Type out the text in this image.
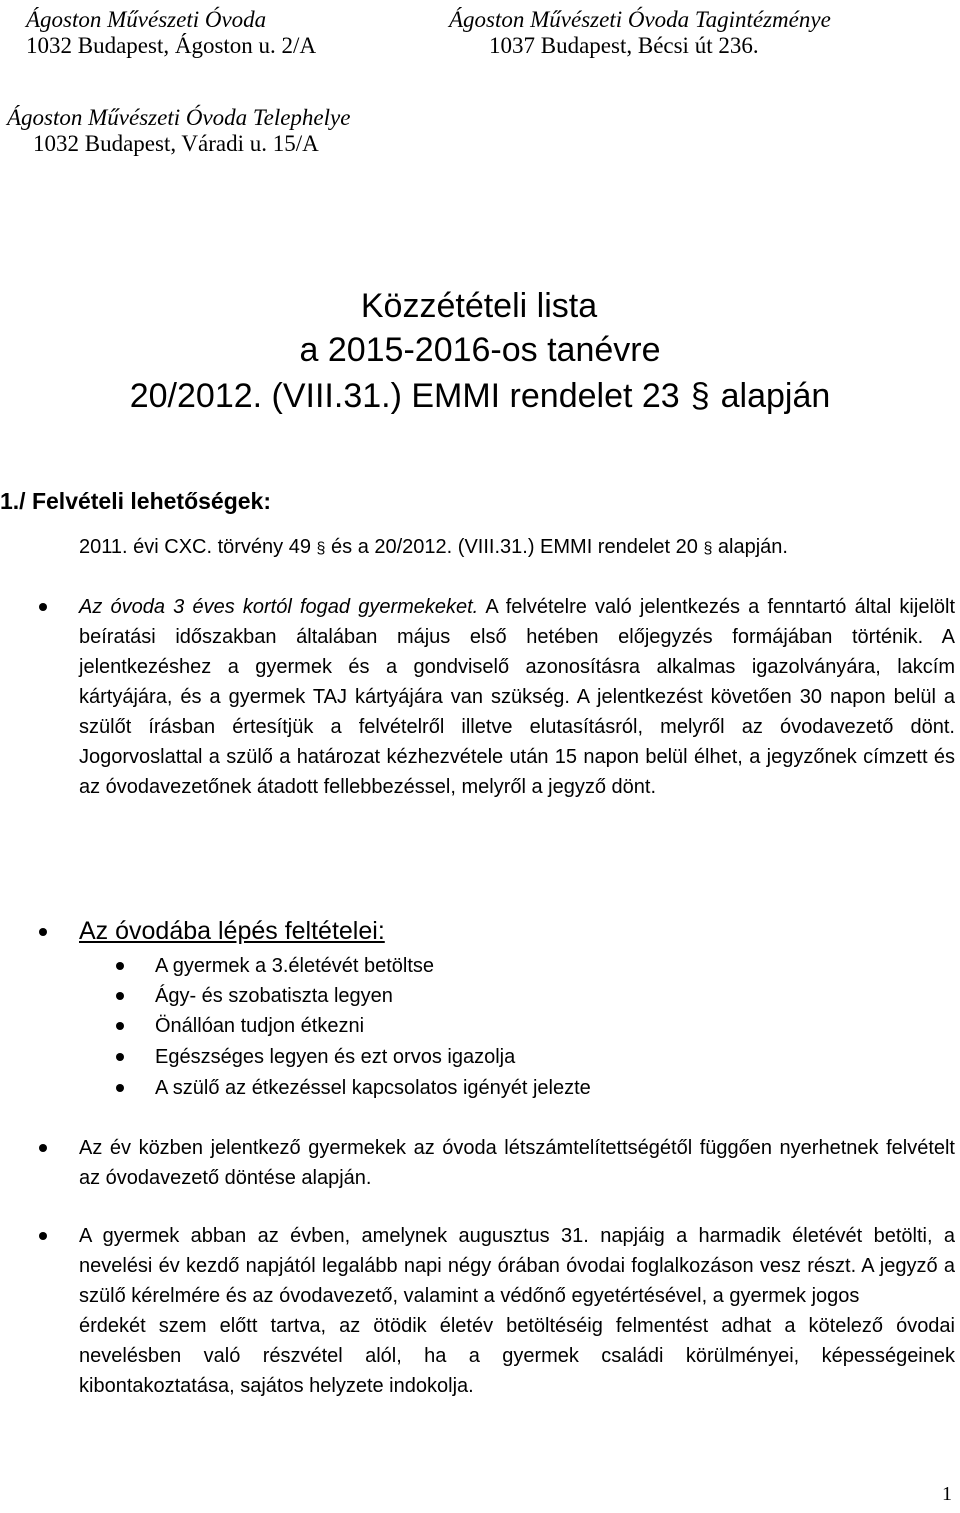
Ágoston Művészeti Óvoda
1032 Budapest, Ágoston u. 2/A
Ágoston Művészeti Óvoda Tagintézménye
1037 Budapest, Bécsi út 236.
Ágoston Művészeti Óvoda Telephelye
1032 Budapest, Váradi u. 15/A
Közzétételi lista
a 2015-2016-os tanévre
20/2012. (VIII.31.) EMMI rendelet 23 § alapján
1./ Felvételi lehetőségek:
2011. évi CXC. törvény 49 § és a 20/2012. (VIII.31.) EMMI rendelet 20 § alapján.
Az óvoda 3 éves kortól fogad gyermekeket. A felvételre való jelentkezés a fenntartó által kijelölt beíratási időszakban általában május első hetében előjegyzés formájában történik. A jelentkezéshez a gyermek és a gondviselő azonosításra alkalmas igazolványára, lakcím kártyájára, és a gyermek TAJ kártyájára van szükség. A jelentkezést követően 30 napon belül a szülőt írásban értesítjük a felvételről illetve elutasításról, melyről az óvodavezető dönt. Jogorvoslattal a szülő a határozat kézhezvétele után 15 napon belül élhet, a jegyzőnek címzett és az óvodavezetőnek átadott fellebbezéssel, melyről a jegyző dönt.
Az óvodába lépés feltételei:
A gyermek a 3.életévét betöltse
Ágy- és szobatiszta legyen
Önállóan tudjon étkezni
Egészséges legyen és ezt orvos igazolja
A szülő az étkezéssel kapcsolatos igényét jelezte
Az év közben jelentkező gyermekek az óvoda létszámtelítettségétől függően nyerhetnek felvételt az óvodavezető döntése alapján.
A gyermek abban az évben, amelynek augusztus 31. napjáig a harmadik életévét betölti, a nevelési év kezdő napjától legalább napi négy órában óvodai foglalkozáson vesz részt. A jegyző a szülő kérelmére és az óvodavezető, valamint a védőnő egyetértésével, a gyermek jogos
érdekét szem előtt tartva, az ötödik életév betöltéséig felmentést adhat a kötelező óvodai nevelésben való részvétel alól, ha a gyermek családi körülményei, képességeinek kibontakoztatása, sajátos helyzete indokolja.
1
